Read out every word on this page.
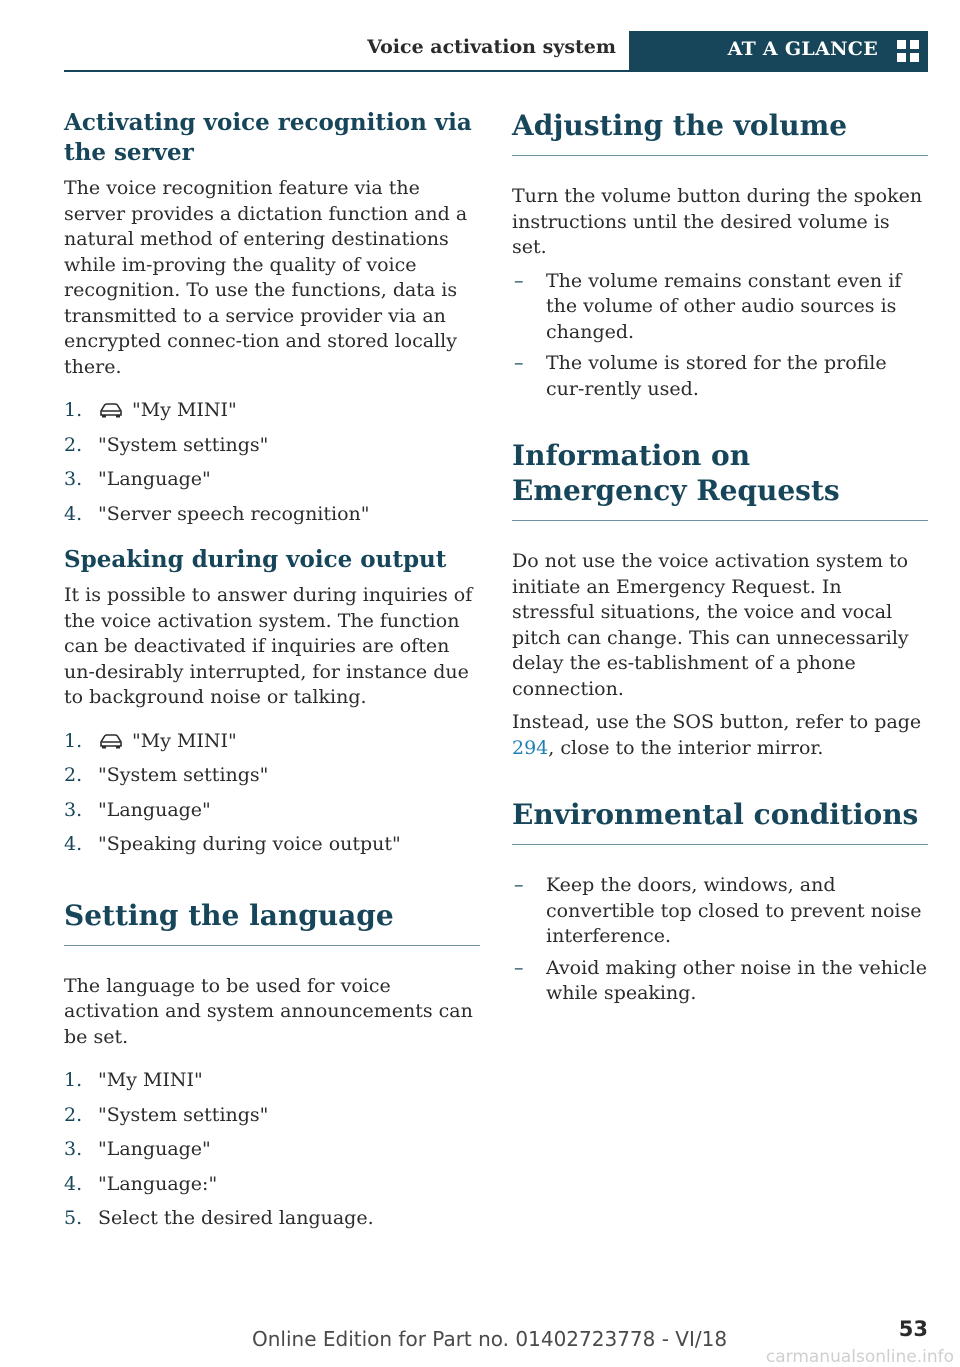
Voice activation system	AT A GLANCE
Activating voice recognition via the server

The voice recognition feature via the server provides a dictation function and a natural method of entering destinations while im‐proving the quality of voice recognition. To use the functions, data is transmitted to a service provider via an encrypted connec‐tion and stored locally there.

1.	"My MINI"
2. "System settings"
3. "Language"
4. "Server speech recognition"
Speaking during voice output

It is possible to answer during inquiries of the voice activation system. The function can be deactivated if inquiries are often un‐desirably interrupted, for instance due to background noise or talking.

1.	"My MINI"
2. "System settings"
3. "Language"
4. "Speaking during voice output"
Setting the language

The language to be used for voice activation and system announcements can be set.

1. "My MINI"
2. "System settings"
3. "Language"
4. "Language:"
5. Select the desired language.
Adjusting the volume

Turn the volume button during the spoken instructions until the desired volume is set.

– The volume remains constant even if the volume of other audio sources is changed.
– The volume is stored for the profile cur‐rently used.
Information on Emergency Requests

Do not use the voice activation system to initiate an Emergency Request. In stressful situations, the voice and vocal pitch can change. This can unnecessarily delay the es‐tablishment of a phone connection.

Instead, use the SOS button, refer to page 294, close to the interior mirror.

Environmental conditions
– Keep the doors, windows, and convertible top closed to prevent noise interference.
– Avoid making other noise in the vehicle while speaking.
53
Online Edition for Part no. 01402723778 - VI/18
carmanualsonline.info
